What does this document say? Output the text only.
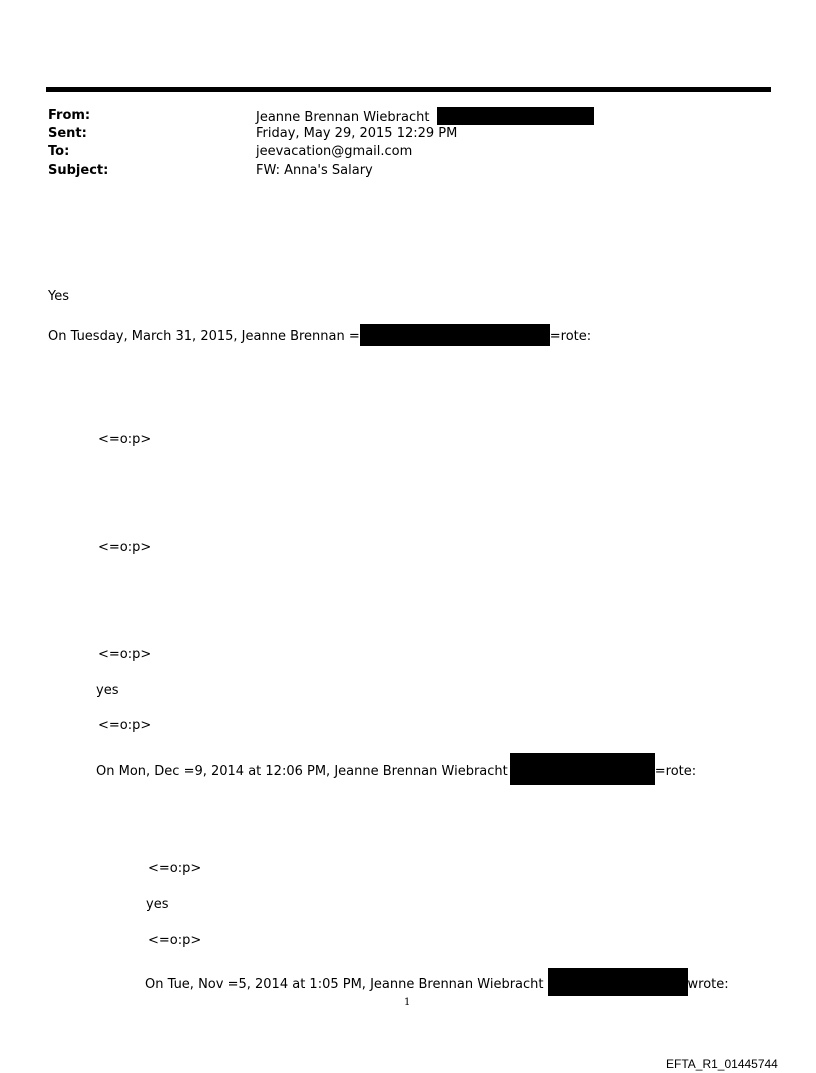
From:	Jeanne Brennan Wiebracht
Sent:	Friday, May 29, 2015 12:29 PM
To:	jeevacation@gmail.com
Subject:	FW: Anna's Salary
Yes
On Tuesday, March 31, 2015, Jeanne Brennan =	=rote:
<=o:p>
<=o:p>
<=o:p>
yes
<=o:p>
On Mon, Dec =9, 2014 at 12:06 PM, Jeanne Brennan Wiebracht	=rote:
<=o:p>
yes
<=o:p>
On Tue, Nov =5, 2014 at 1:05 PM, Jeanne Brennan Wiebracht	wrote:
1
EFTA_R1_01445744
